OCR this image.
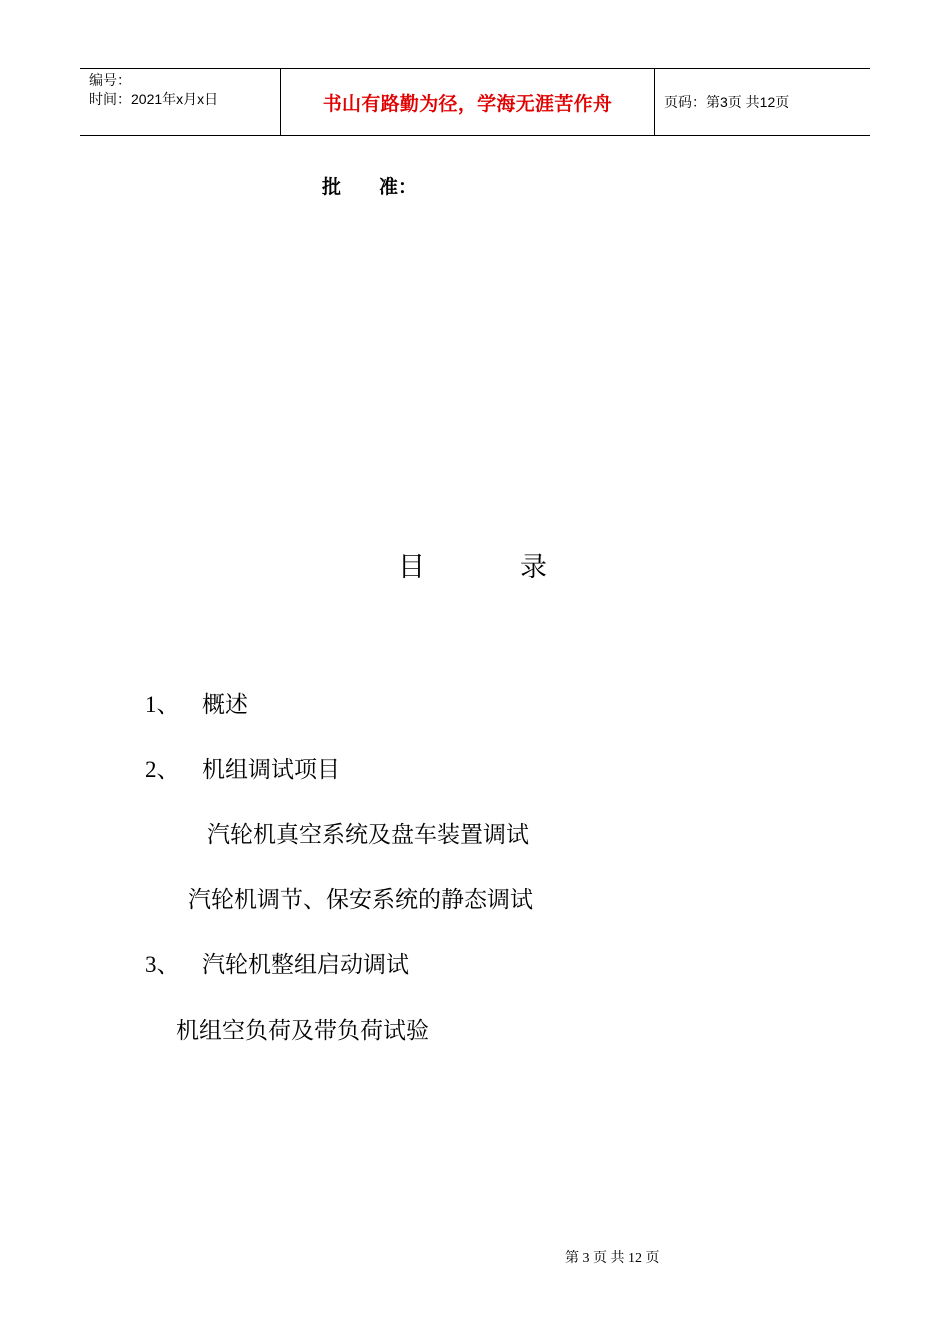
编号：
时间：2021年x月x日	书山有路勤为径，学海无涯苦作舟	页码：第3页 共12页
批 准：
目	录
1、 概述
2、 机组调试项目
汽轮机真空系统及盘车装置调试
汽轮机调节、保安系统的静态调试
3、 汽轮机整组启动调试
机组空负荷及带负荷试验
第 3 页 共 12 页
